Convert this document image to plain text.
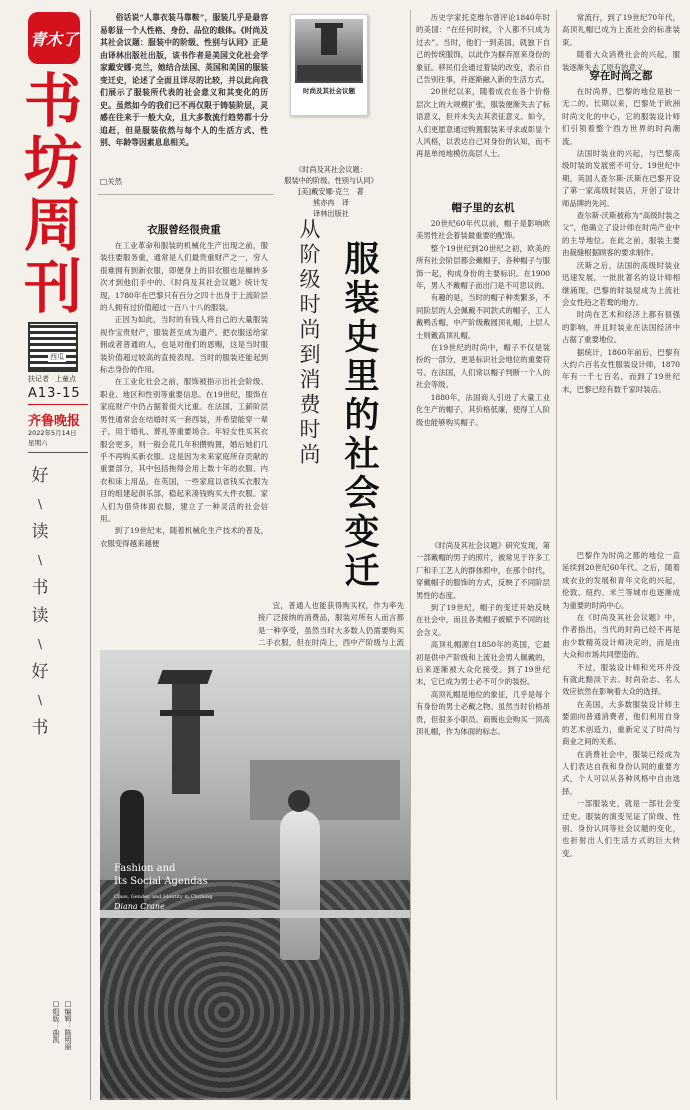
青木了
书
坊
周
刊
西瓜
扶记者 上童点
A13-15
齐鲁晚报
2022年5月14日
星期六
好
\
读
\
书
读
\
好
\
书
□编辑：陈明丽
□组版：曲凯

俗话说“人靠衣装马靠鞍”，服装几乎是最容易彰显一个人性格、身份、品位的载体。《时尚及其社会议题：服装中的阶级、性别与认同》正是由译林出版社出版，该书作者是美国文化社会学家戴安娜·克兰，她结合法国、英国和美国的服装变迁史，论述了全面且详尽的比较，并以此向我们展示了服装所代表的社会意义和其变化的历史。虽然如今的我们已不再仅限于铸装阶层，灵感在往来于一般大众，且大多数流行趋势都十分追赶，但是服装依然与每个人的生活方式、性别、年龄等因素息息相关。

□关然
时尚及其社会议题
《时尚及其社会议题：
服装中的阶级、性别与认同》
[美]戴安娜·克兰　著
熊亦冉　译
译林出版社
衣服曾经很贵重

在工业革命和服装的机械化生产出现之前，服装往要服务重，通常是人们最贵重财产之一，穷人很难拥有到新衣服，即便身上的旧衣服也是辗转多次才到他们手中的。《时尚及其社会议题》统计发现，1780年在巴黎只有百分之四十出身于上流阶层的人拥有过价值超过一百八十八的服装。

正因为如此，当时的有钱人将自己的大量服装视作宝贵财产，服装甚至成为遗产。把衣服送给家佣或者普通的人，也是对他们的恩赐，这是当时服装价值超过较高的直接表现。当时的服装还能起到标志身份的作用。

在工业化社会之前，服饰被指示出社会阶级、职业、地区和性别等重要信息。在19世纪，服饰在家庭财产中仍占据着很大比重。在法国，工薪阶层男性通常会在结婚时买一套西装，并希望能穿一辈子，用于婚礼、葬礼等重要场合。年轻女性买其衣服会更多，则一般会花几年积攒购置，婚后她们几乎不再购买新衣服。这是因为未来家庭所存贡献的重要部分，其中包括拖得会用上数十年的衣服、内衣和床上用品。在英国，一些家庭以省钱买衣服为目的组建起俱乐部，稳起来凑钱购买大件衣服。家人们为借贷体面衣服，建立了一种灵活的社会信用。

到了19世纪末，随着机械化生产技术的普及，衣服变得越来越便	服装史里的社会变迁
从阶级时尚到消费时尚

宜，普通人也能获得购买权，作为率先接广泛接纳的消费品，服装对所有人而言都是一种享受，虽然当时大多数人仍需要购买二手衣服，但在时尚上，西中产阶级与上流

Fashion and
Its Social Agendas
Class, Gender, and Identity in Clothing
Diana Crane

历史学家托克维尔曾评论1840年时的美国：“在任何时候，个人都不只成为过去”。当时，他们一到美国，就独下自己的传统服饰，以此作为摒弃原来身份的象征。移民们会通过着装的改变，表示自己告别往事，并逐渐融入新的生活方式。

20世纪以来，随着成衣在各个价格层次上的大规模扩张，服装便渐失去了标语意义，但并未失去其表征意义。如今，人们更愿意通过购置服装来寻求或彰显个人风格，以表达自己对身份的认知，而不再是单纯地模仿高层人士。

帽子里的玄机

20世纪60年代以前，帽子是影响欧美男性社会着装最重要的配饰。

整个19世纪到20世纪之初，欧美的所有社会阶层都会戴帽子，各种帽子与服饰一起，构成身份的主要标识。在1900年，男人不戴帽子而出门是不可思议的。

有趣的是，当时的帽子种类繁多，不同阶层的人会佩戴不同款式的帽子，工人戴鸭舌帽，中产阶级戴圆顶礼帽，上层人士则戴高顶礼帽。

在19世纪的时尚中，帽子不仅是装扮的一部分，更是标识社会地位的重要符号。在法国，人们常以帽子判断一个人的社会等级。

1880年，法国商人引进了大量工业化生产的帽子，其价格低廉，使得工人阶级也能够购买帽子。

《时尚及其社会议题》研究发现，第一部戴帽的男子的照片，被常见于许多工厂和手工艺人的群体照中，在那个时代，穿戴帽子的服饰的方式，反映了不同阶层男性的态度。

到了19世纪，帽子的变迁开始反映在社会中，而且各类帽子被赋予不同的社会含义。

高顶礼帽源自1850年的英国，它最初是供中产阶级和上流社会男人佩戴的，后来逐渐被大众化接受。到了19世纪末，它已成为男士必不可少的装扮。

高顶礼帽是地位的象征，几乎是每个有身份的男士必戴之物。虽然当时价格昂贵，但很多小职员、商贩也会购买一顶高顶礼帽，作为体面的标志。

常流行，到了19世纪70年代，高顶礼帽已成为上流社会的标准装束。

随着大众消费社会的兴起，服装逐渐失去了原有的意义。

穿在时尚之都

在时尚界，巴黎的地位是独一无二的。长期以来，巴黎处于欧洲时尚文化的中心，它的服装设计师们引领着整个西方世界的时尚潮流。

法国时装业的兴起，与巴黎高级时装的发展密不可分。19世纪中期，英国人查尔斯·沃斯在巴黎开设了第一家高级时装店，开创了设计师品牌的先河。

查尔斯·沃斯被称为“高级时装之父”，他确立了设计师在时尚产业中的主导地位。在此之前，服装主要由裁缝根据顾客的要求制作。

沃斯之后，法国的高级时装业迅速发展，一批批著名的设计师相继涌现，巴黎的时装屋成为上流社会女性趋之若鹜的地方。

时尚在艺术和经济上都有很强的影响，并且时装业在法国经济中占据了重要地位。

据统计，1860年前后，巴黎有大约六百名女性服装设计师，1870年有一千七百名，而到了19世纪末，巴黎已经有数千家时装店。

巴黎作为时尚之都的地位一直延续到20世纪60年代。之后，随着成衣业的发展和青年文化的兴起，伦敦、纽约、米兰等城市也逐渐成为重要的时尚中心。

在《时尚及其社会议题》中，作者指出，当代的时尚已经不再是由少数精英设计师决定的，而是由大众和市场共同塑造的。

不过，服装设计师和光环并没有就此黯淡下去。时尚杂志、名人效应依然在影响着大众的选择。

在美国，大多数服装设计师主要面向普通消费者，他们利用自身的艺术创造力，重新定义了时尚与商业之间的关系。

在消费社会中，服装已经成为人们表达自我和身份认同的重要方式，个人可以从各种风格中自由选择。

一部服装史，就是一部社会变迁史。服装的演变见证了阶级、性别、身份认同等社会议题的变化，也折射出人们生活方式的巨大转变。
